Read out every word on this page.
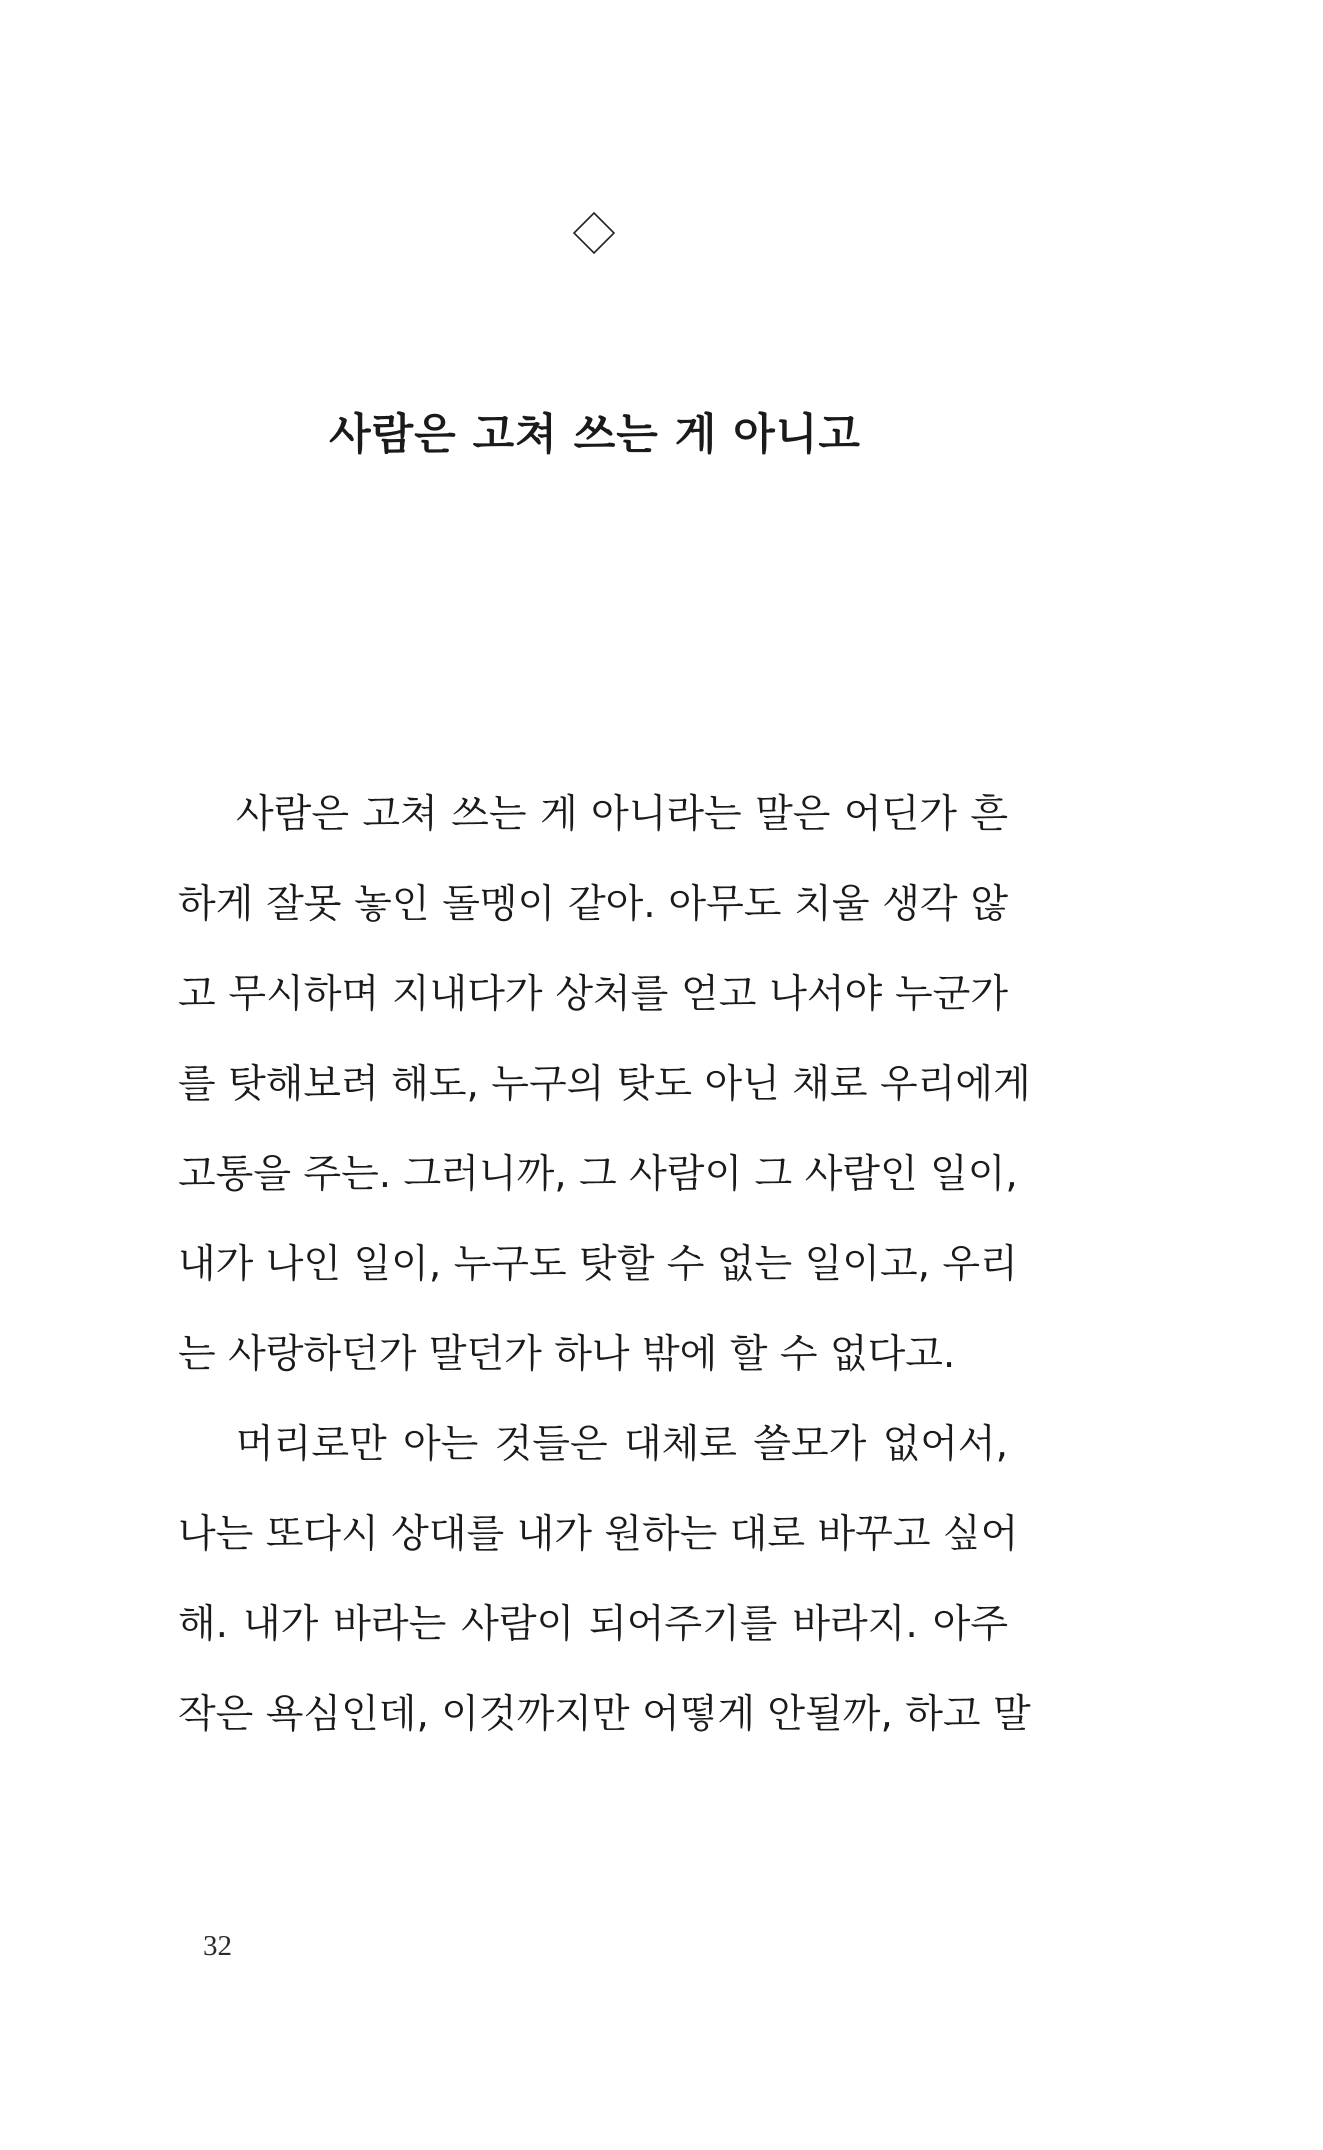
사람은 고쳐 쓰는 게 아니고
사람은 고쳐 쓰는 게 아니라는 말은 어딘가 흔
하게 잘못 놓인 돌멩이 같아. 아무도 치울 생각 않
고 무시하며 지내다가 상처를 얻고 나서야 누군가
를 탓해보려 해도, 누구의 탓도 아닌 채로 우리에게
고통을 주는. 그러니까, 그 사람이 그 사람인 일이,
내가 나인 일이, 누구도 탓할 수 없는 일이고, 우리
는 사랑하던가 말던가 하나 밖에 할 수 없다고.
머리로만 아는 것들은 대체로 쓸모가 없어서,
나는 또다시 상대를 내가 원하는 대로 바꾸고 싶어
해. 내가 바라는 사람이 되어주기를 바라지. 아주
작은 욕심인데, 이것까지만 어떻게 안될까, 하고 말
32
